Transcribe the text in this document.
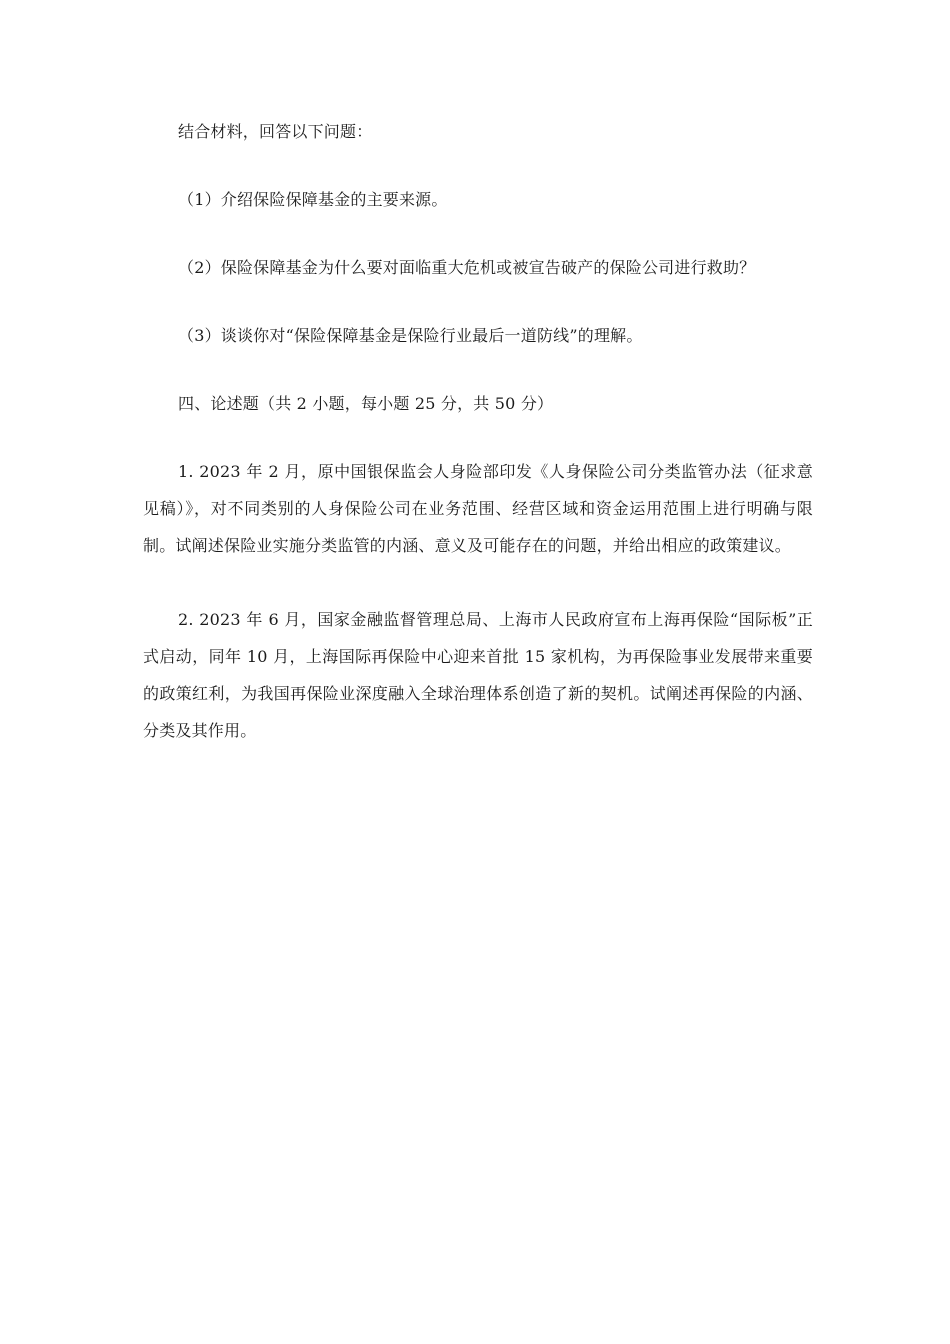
结合材料，回答以下问题：
（1）介绍保险保障基金的主要来源。
（2）保险保障基金为什么要对面临重大危机或被宣告破产的保险公司进行救助？
（3）谈谈你对“保险保障基金是保险行业最后一道防线”的理解。
四、论述题（共 2 小题，每小题 25 分，共 50 分）
1. 2023 年 2 月，原中国银保监会人身险部印发《人身保险公司分类监管办法（征求意见稿）》，对不同类别的人身保险公司在业务范围、经营区域和资金运用范围上进行明确与限制。试阐述保险业实施分类监管的内涵、意义及可能存在的问题，并给出相应的政策建议。
2. 2023 年 6 月，国家金融监督管理总局、上海市人民政府宣布上海再保险“国际板”正式启动，同年 10 月，上海国际再保险中心迎来首批 15 家机构，为再保险事业发展带来重要的政策红利，为我国再保险业深度融入全球治理体系创造了新的契机。试阐述再保险的内涵、分类及其作用。
